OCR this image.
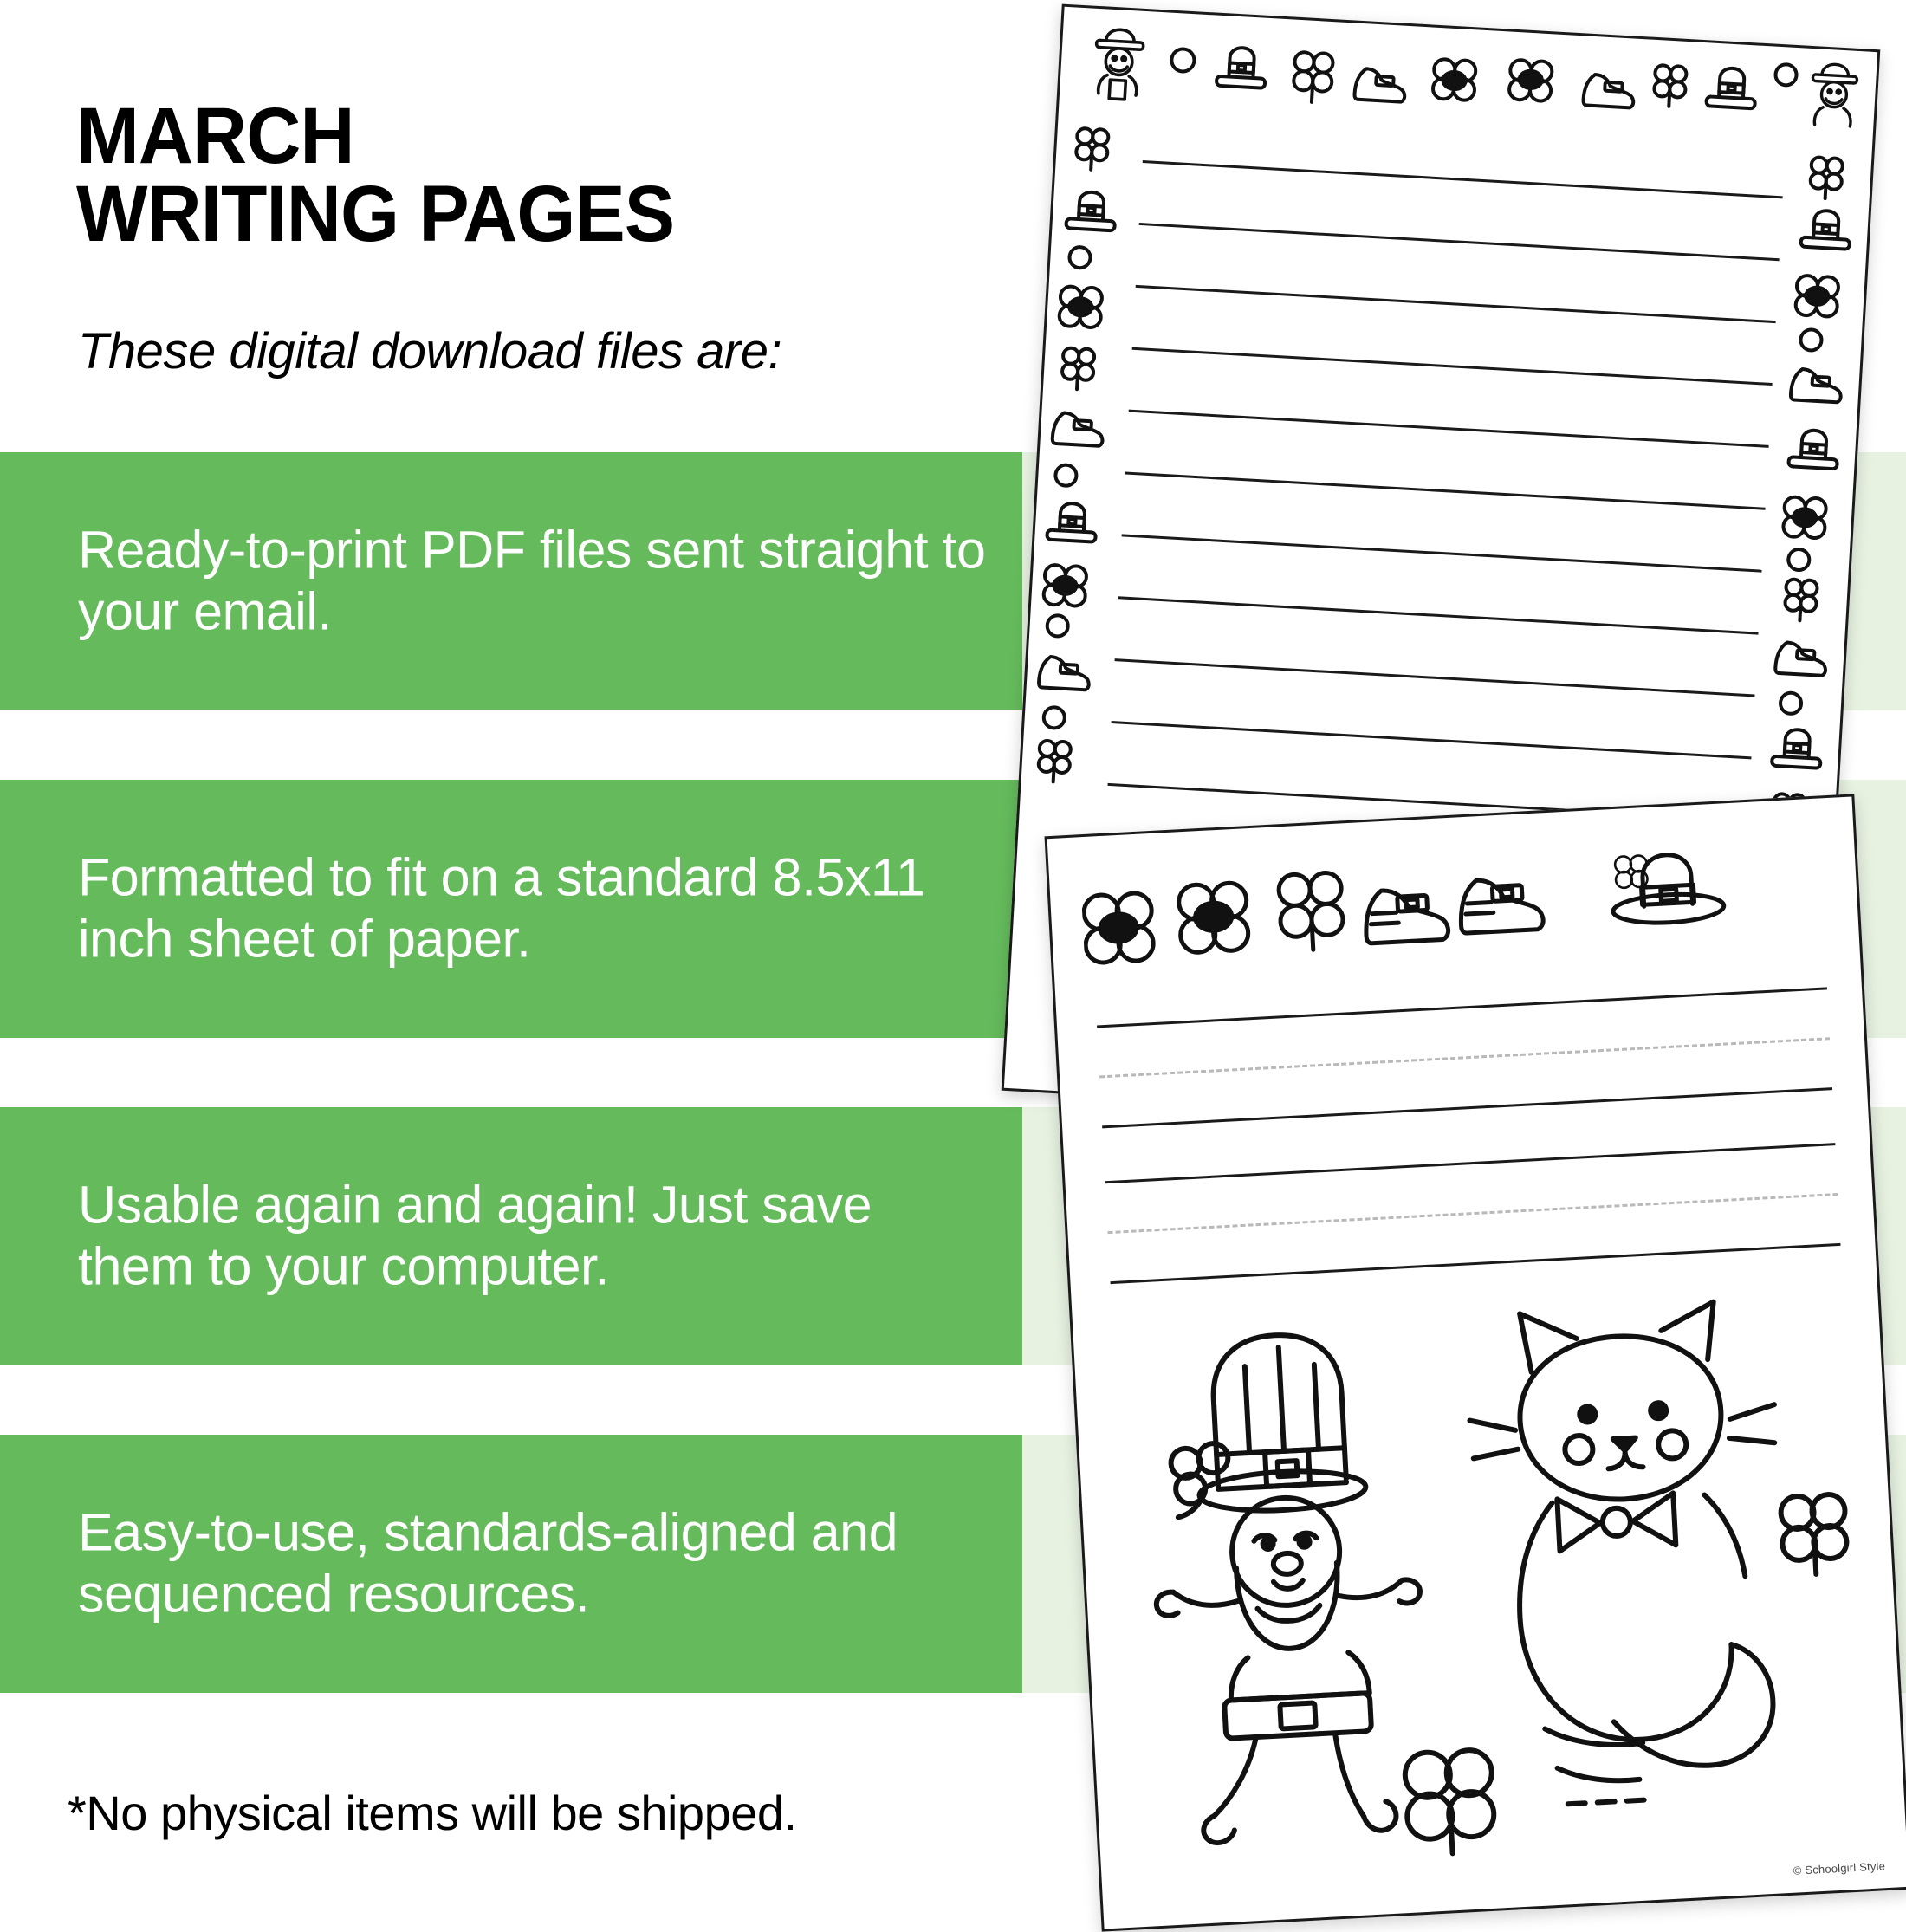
MARCH
WRITING PAGES
These digital download files are:
Ready-to-print PDF files sent straight to your email.
Formatted to fit on a standard 8.5x11 inch sheet of paper.
Usable again and again! Just save them to your computer.
Easy-to-use, standards-aligned and sequenced resources.
*No physical items will be shipped.
© Schoolgirl Style
